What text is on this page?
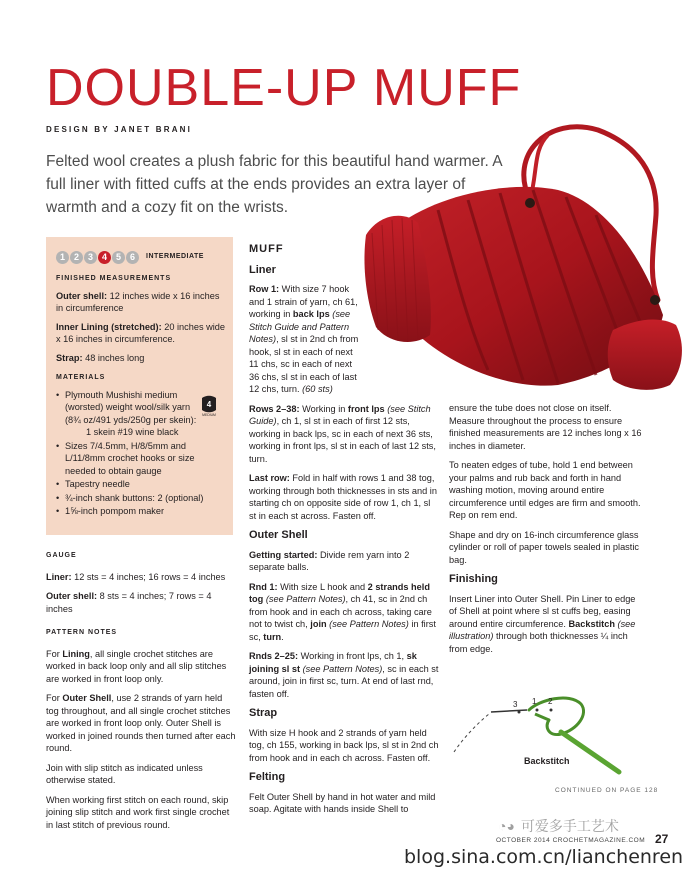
DOUBLE-UP MUFF
DESIGN BY JANET BRANI

Felted wool creates a plush fabric for this beautiful hand warmer. A full liner with fitted cuffs at the ends provides an extra layer of warmth and a cozy fit on the wrists.

1 2 3 4 5 6	INTERMEDIATE
FINISHED MEASUREMENTS
Outer shell: 12 inches wide x 16 inches in circumference
Inner Lining (stretched): 20 inches wide x 16 inches in circumference.
Strap: 48 inches long
MATERIALS
• Plymouth Mushishi medium (worsted) weight wool/silk yarn (8¾ oz/491 yds/250g per skein):
1 skein #19 wine black
• Sizes 7/4.5mm, H/8/5mm and L/11/8mm crochet hooks or size needed to obtain gauge
• Tapestry needle
• ¾-inch shank buttons: 2 (optional)
• 1⅝-inch pompom maker
4
MEDIUM
GAUGE
Liner: 12 sts = 4 inches; 16 rows = 4 inches
Outer shell: 8 sts = 4 inches; 7 rows = 4 inches
PATTERN NOTES
For Lining, all single crochet stitches are worked in back loop only and all slip stitches are worked in front loop only.
For Outer Shell, use 2 strands of yarn held tog throughout, and all single crochet stitches are worked in front loop only. Outer Shell is worked in joined rounds then turned after each round.
Join with slip stitch as indicated unless otherwise stated.
When working first stitch on each round, skip joining slip stitch and work first single crochet in last stitch of previous round.
MUFF
Liner
Row 1: With size 7 hook and 1 strain of yarn, ch 61, working in back lps (see Stitch Guide and Pattern Notes), sl st in 2nd ch from hook, sl st in each of next 11 chs, sc in each of next 36 chs, sl st in each of last 12 chs, turn. (60 sts)
Rows 2–38: Working in front lps (see Stitch Guide), ch 1, sl st in each of first 12 sts, working in back lps, sc in each of next 36 sts, working in front lps, sl st in each of last 12 sts, turn.
Last row: Fold in half with rows 1 and 38 tog, working through both thicknesses in sts and in starting ch on opposite side of row 1, ch 1, sl st in each st across. Fasten off.
Outer Shell
Getting started: Divide rem yarn into 2 separate balls.
Rnd 1: With size L hook and 2 strands held tog (see Pattern Notes), ch 41, sc in 2nd ch from hook and in each ch across, taking care not to twist ch, join (see Pattern Notes) in first sc, turn.
Rnds 2–25: Working in front lps, ch 1, sk joining sl st (see Pattern Notes), sc in each st around, join in first sc, turn. At end of last rnd, fasten off.
Strap
With size H hook and 2 strands of yarn held tog, ch 155, working in back lps, sl st in 2nd ch from hook and in each ch across. Fasten off.
Felting
Felt Outer Shell by hand in hot water and mild soap. Agitate with hands inside Shell to
ensure the tube does not close on itself. Measure throughout the process to ensure finished measurements are 12 inches long x 16 inches in diameter.
To neaten edges of tube, hold 1 end between your palms and rub back and forth in hand washing motion, moving around entire circumference until edges are firm and smooth. Rep on rem end.
Shape and dry on 16-inch circumference glass cylinder or roll of paper towels sealed in plastic bag.
Finishing
Insert Liner into Outer Shell. Pin Liner to edge of Shell at point where sl st cuffs beg, easing around entire circumference. Backstitch (see illustration) through both thicknesses ¼ inch from edge.
3 1 2
Backstitch
CONTINUED ON PAGE 128
◔◕ 可爱多手工艺术
OCTOBER 2014 CROCHETMAGAZINE.COM 27
blog.sina.com.cn/lianchenren
